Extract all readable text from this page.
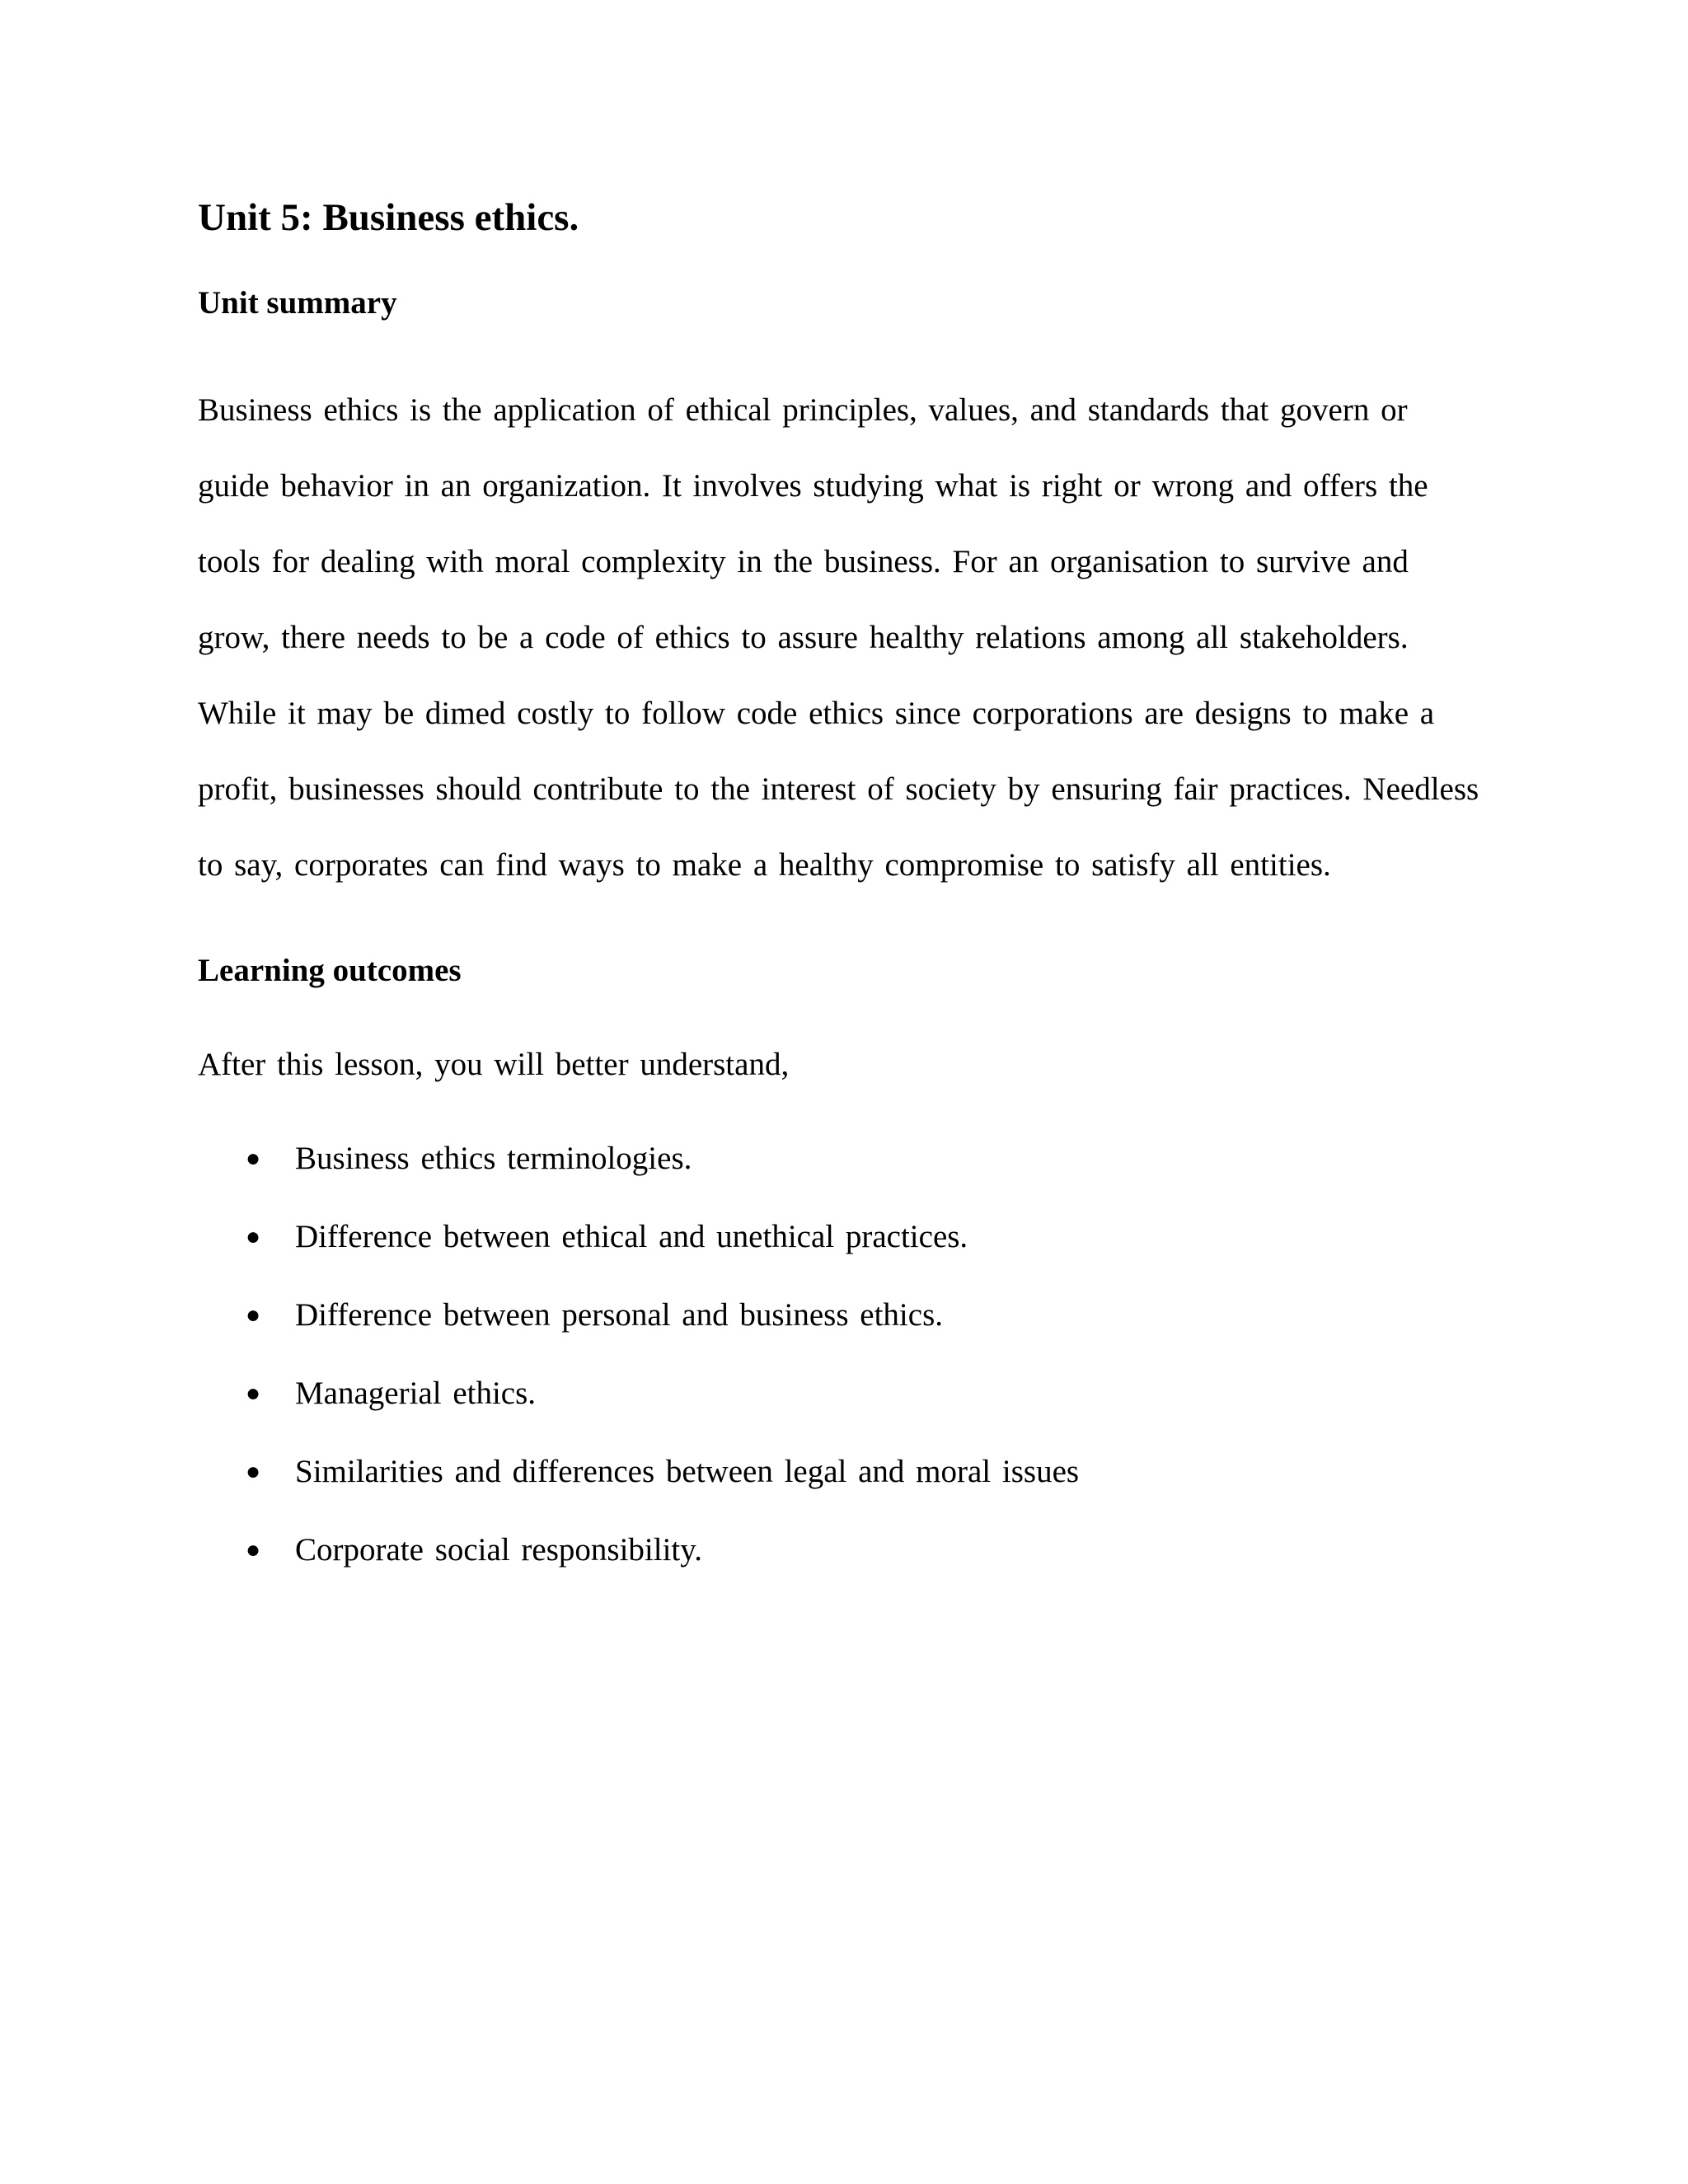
Unit 5: Business ethics.
Unit summary

Business ethics is the application of ethical principles, values, and standards that govern or guide behavior in an organization. It involves studying what is right or wrong and offers the tools for dealing with moral complexity in the business. For an organisation to survive and grow, there needs to be a code of ethics to assure healthy relations among all stakeholders. While it may be dimed costly to follow code ethics since corporations are designs to make a profit, businesses should contribute to the interest of society by ensuring fair practices. Needless to say, corporates can find ways to make a healthy compromise to satisfy all entities.

Learning outcomes

After this lesson, you will better understand,

● Business ethics terminologies.
● Difference between ethical and unethical practices.
● Difference between personal and business ethics.
● Managerial ethics.
● Similarities and differences between legal and moral issues
● Corporate social responsibility.
